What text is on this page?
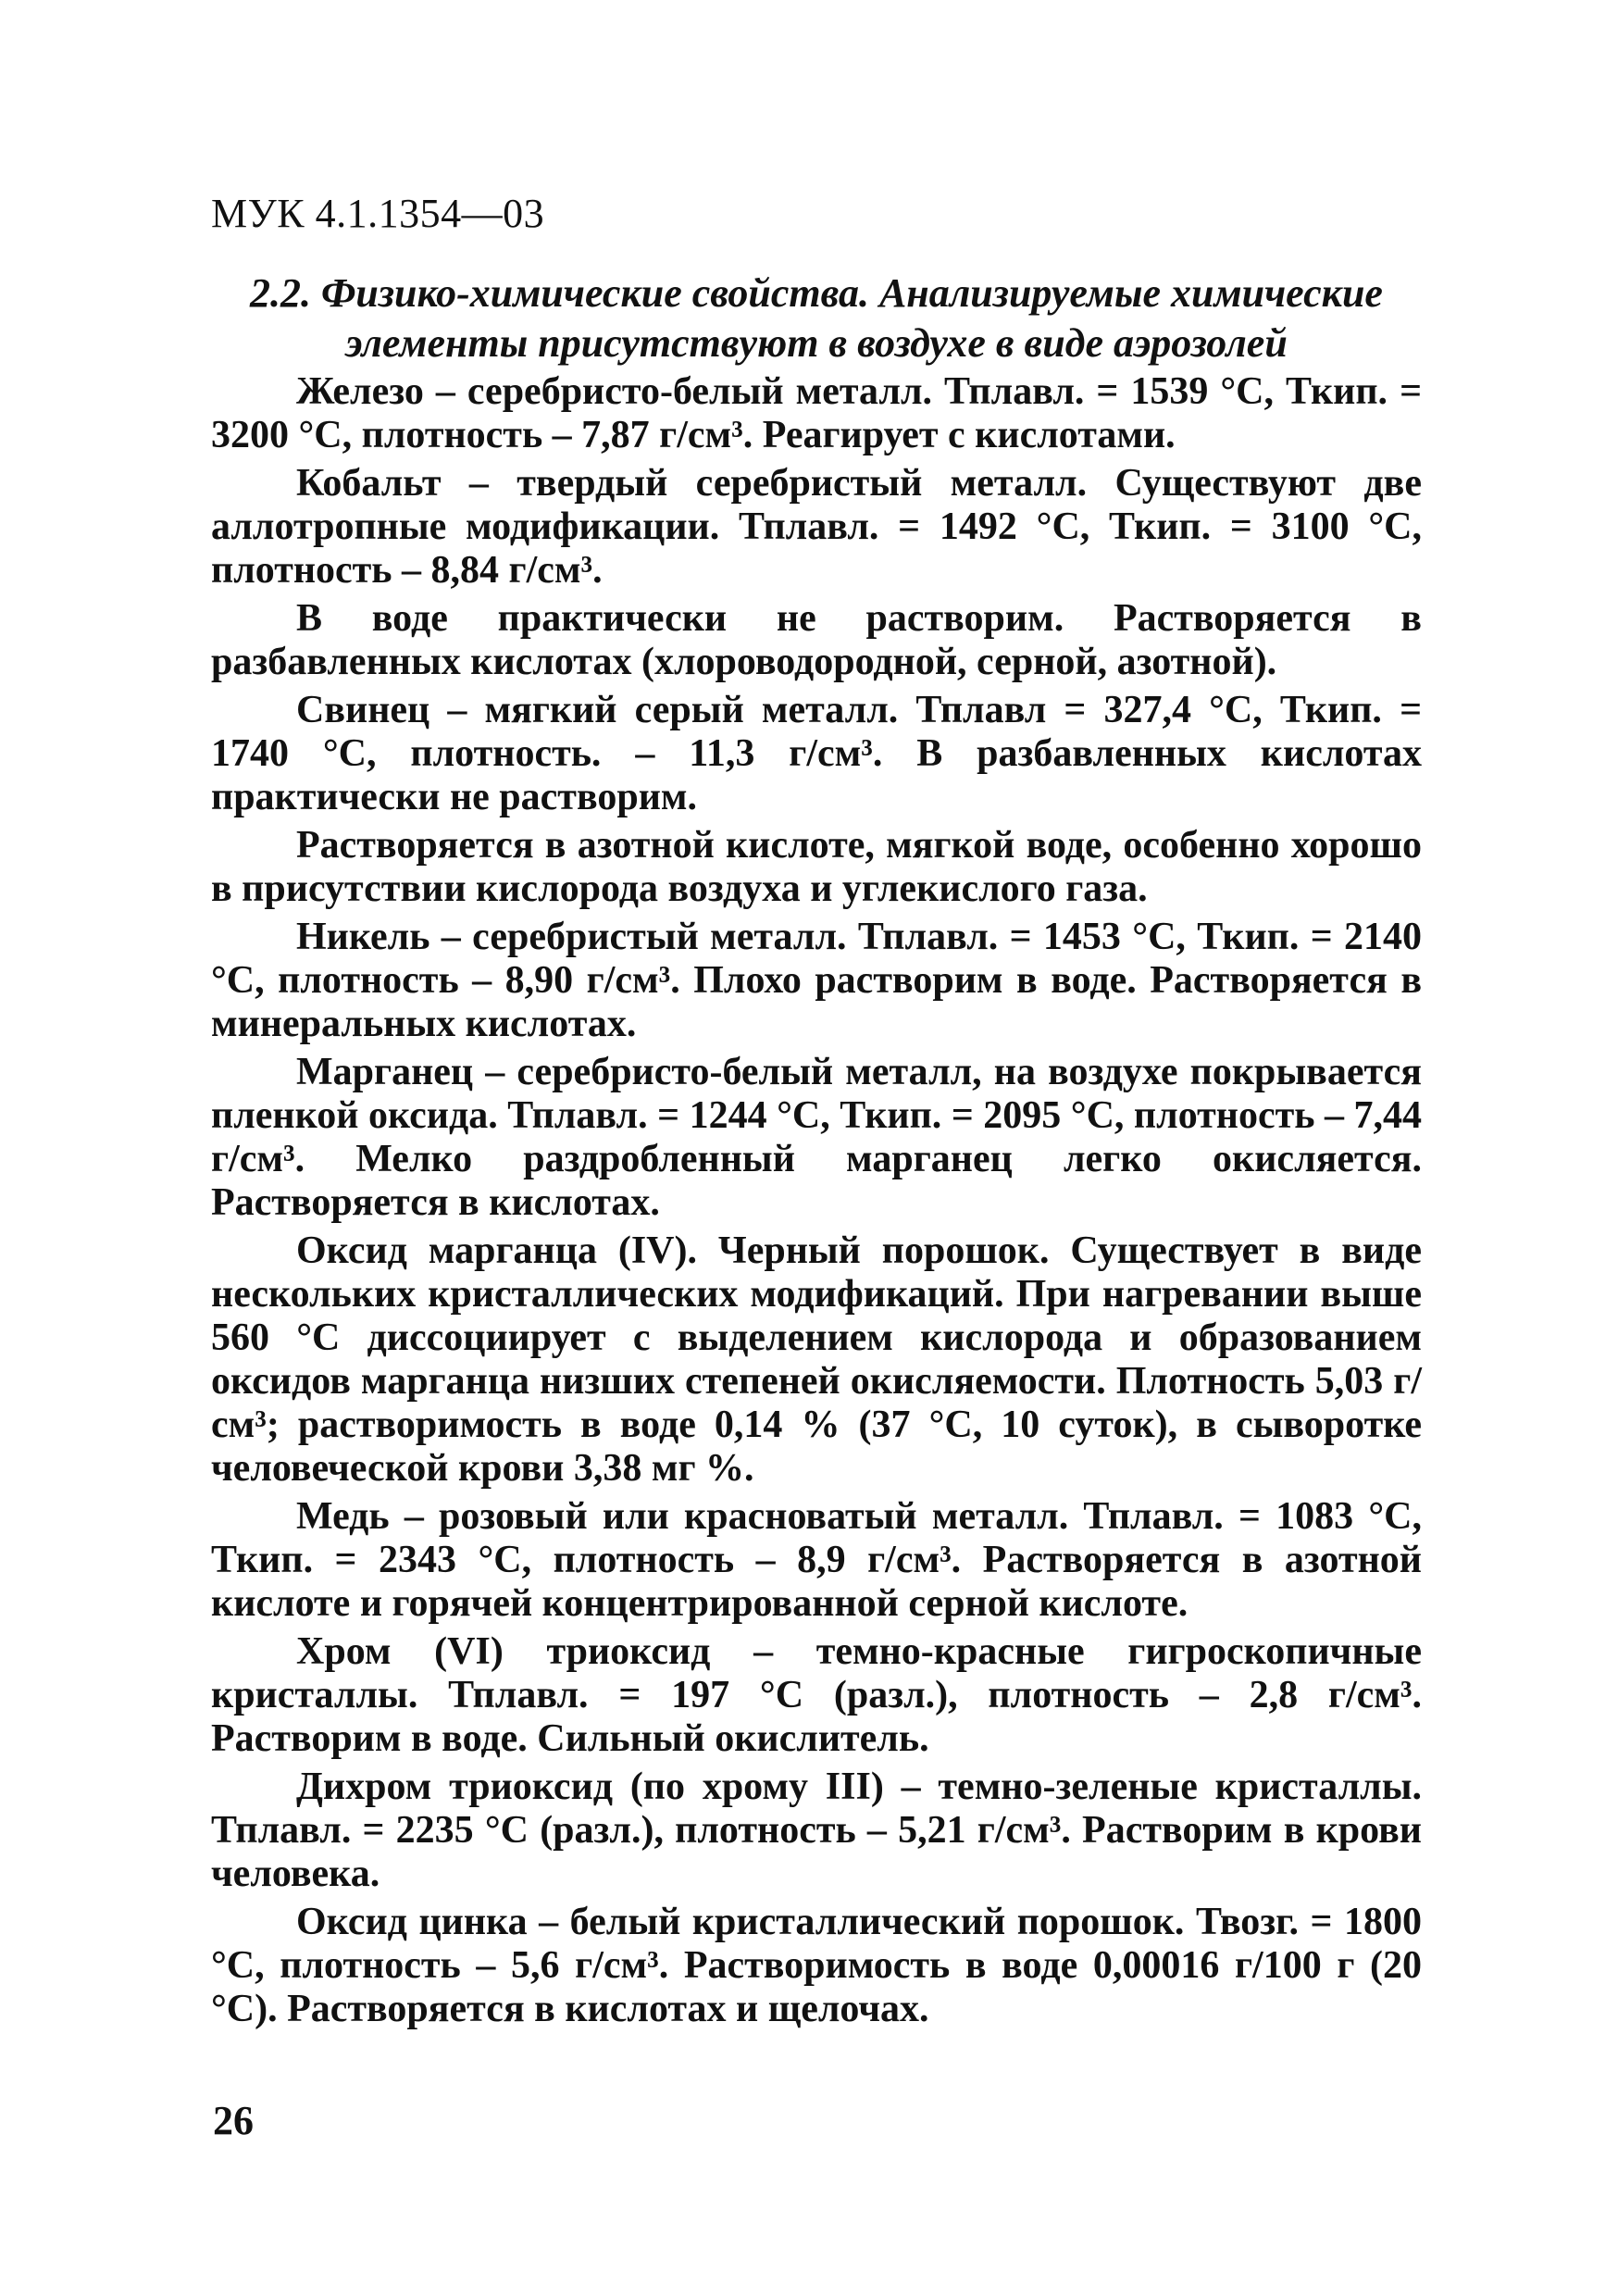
МУК 4.1.1354—03
2.2. Физико-химические свойства. Анализируемые химические
элементы присутствуют в воздухе в виде аэрозолей

Железо – серебристо-белый металл. Тплавл. = 1539 °С, Ткип. = 3200 °С, плотность – 7,87 г/см³. Реагирует с кислотами.

Кобальт – твердый серебристый металл. Существуют две аллотропные модификации. Тплавл. = 1492 °С, Ткип. = 3100 °С, плотность – 8,84 г/см³.

В воде практически не растворим. Растворяется в разбавленных кислотах (хлороводородной, серной, азотной).

Свинец – мягкий серый металл. Тплавл = 327,4 °С, Ткип. = 1740 °С, плотность. – 11,3 г/см³. В разбавленных кислотах практически не растворим.

Растворяется в азотной кислоте, мягкой воде, особенно хорошо в присутствии кислорода воздуха и углекислого газа.

Никель – серебристый металл. Тплавл. = 1453 °С, Ткип. = 2140 °С, плотность – 8,90 г/см³. Плохо растворим в воде. Растворяется в минеральных кислотах.

Марганец – серебристо-белый металл, на воздухе покрывается пленкой оксида. Тплавл. = 1244 °С, Ткип. = 2095 °С, плотность – 7,44 г/см³. Мелко раздробленный марганец легко окисляется. Растворяется в кислотах.

Оксид марганца (IV). Черный порошок. Существует в виде нескольких кристаллических модификаций. При нагревании выше 560 °С диссоциирует с выделением кислорода и образованием оксидов марганца низших степеней окисляемости. Плотность 5,03 г/см³; растворимость в воде 0,14 % (37 °С, 10 суток), в сыворотке человеческой крови 3,38 мг %.

Медь – розовый или красноватый металл. Тплавл. = 1083 °С, Ткип. = 2343 °С, плотность – 8,9 г/см³. Растворяется в азотной кислоте и горячей концентрированной серной кислоте.

Хром (VI) триоксид – темно-красные гигроскопичные кристаллы. Тплавл. = 197 °С (разл.), плотность – 2,8 г/см³. Растворим в воде. Сильный окислитель.

Дихром триоксид (по хрому III) – темно-зеленые кристаллы. Тплавл. = 2235 °С (разл.), плотность – 5,21 г/см³. Растворим в крови человека.

Оксид цинка – белый кристаллический порошок. Твозг. = 1800 °С, плотность – 5,6 г/см³. Растворимость в воде 0,00016 г/100 г (20 °С). Растворяется в кислотах и щелочах.

26
